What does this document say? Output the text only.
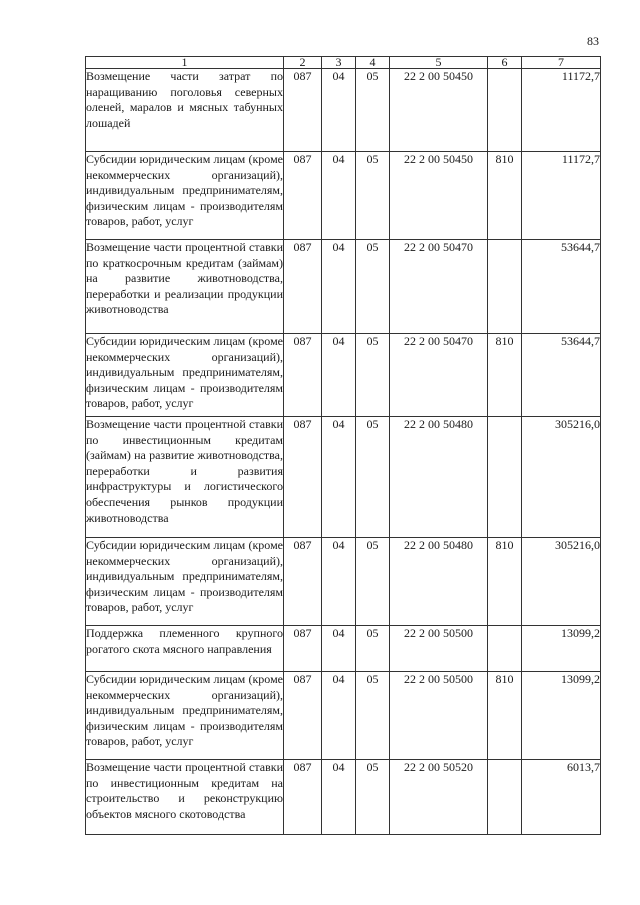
83
1	2	3	4	5	6	7
Возмещение части затрат по наращиванию поголовья северных оленей, маралов и мясных табунных лошадей	087	04	05	22 2 00 50450		11172,7
Субсидии юридическим лицам (кроме некоммерческих организаций), индивидуальным предпринимателям, физическим лицам - производителям товаров, работ, услуг	087	04	05	22 2 00 50450	810	11172,7
Возмещение части процентной ставки по краткосрочным кредитам (займам) на развитие животноводства, переработки и реализации продукции животноводства	087	04	05	22 2 00 50470		53644,7
Субсидии юридическим лицам (кроме некоммерческих организаций), индивидуальным предпринимателям, физическим лицам - производителям товаров, работ, услуг	087	04	05	22 2 00 50470	810	53644,7
Возмещение части процентной ставки по инвестиционным кредитам (займам) на развитие животноводства, переработки и развития инфраструктуры и логистического обеспечения рынков продукции животноводства	087	04	05	22 2 00 50480		305216,0
Субсидии юридическим лицам (кроме некоммерческих организаций), индивидуальным предпринимателям, физическим лицам - производителям товаров, работ, услуг	087	04	05	22 2 00 50480	810	305216,0
Поддержка племенного крупного рогатого скота мясного направления	087	04	05	22 2 00 50500		13099,2
Субсидии юридическим лицам (кроме некоммерческих организаций), индивидуальным предпринимателям, физическим лицам - производителям товаров, работ, услуг	087	04	05	22 2 00 50500	810	13099,2
Возмещение части процентной ставки по инвестиционным кредитам на строительство и реконструкцию объектов мясного скотоводства	087	04	05	22 2 00 50520		6013,7
